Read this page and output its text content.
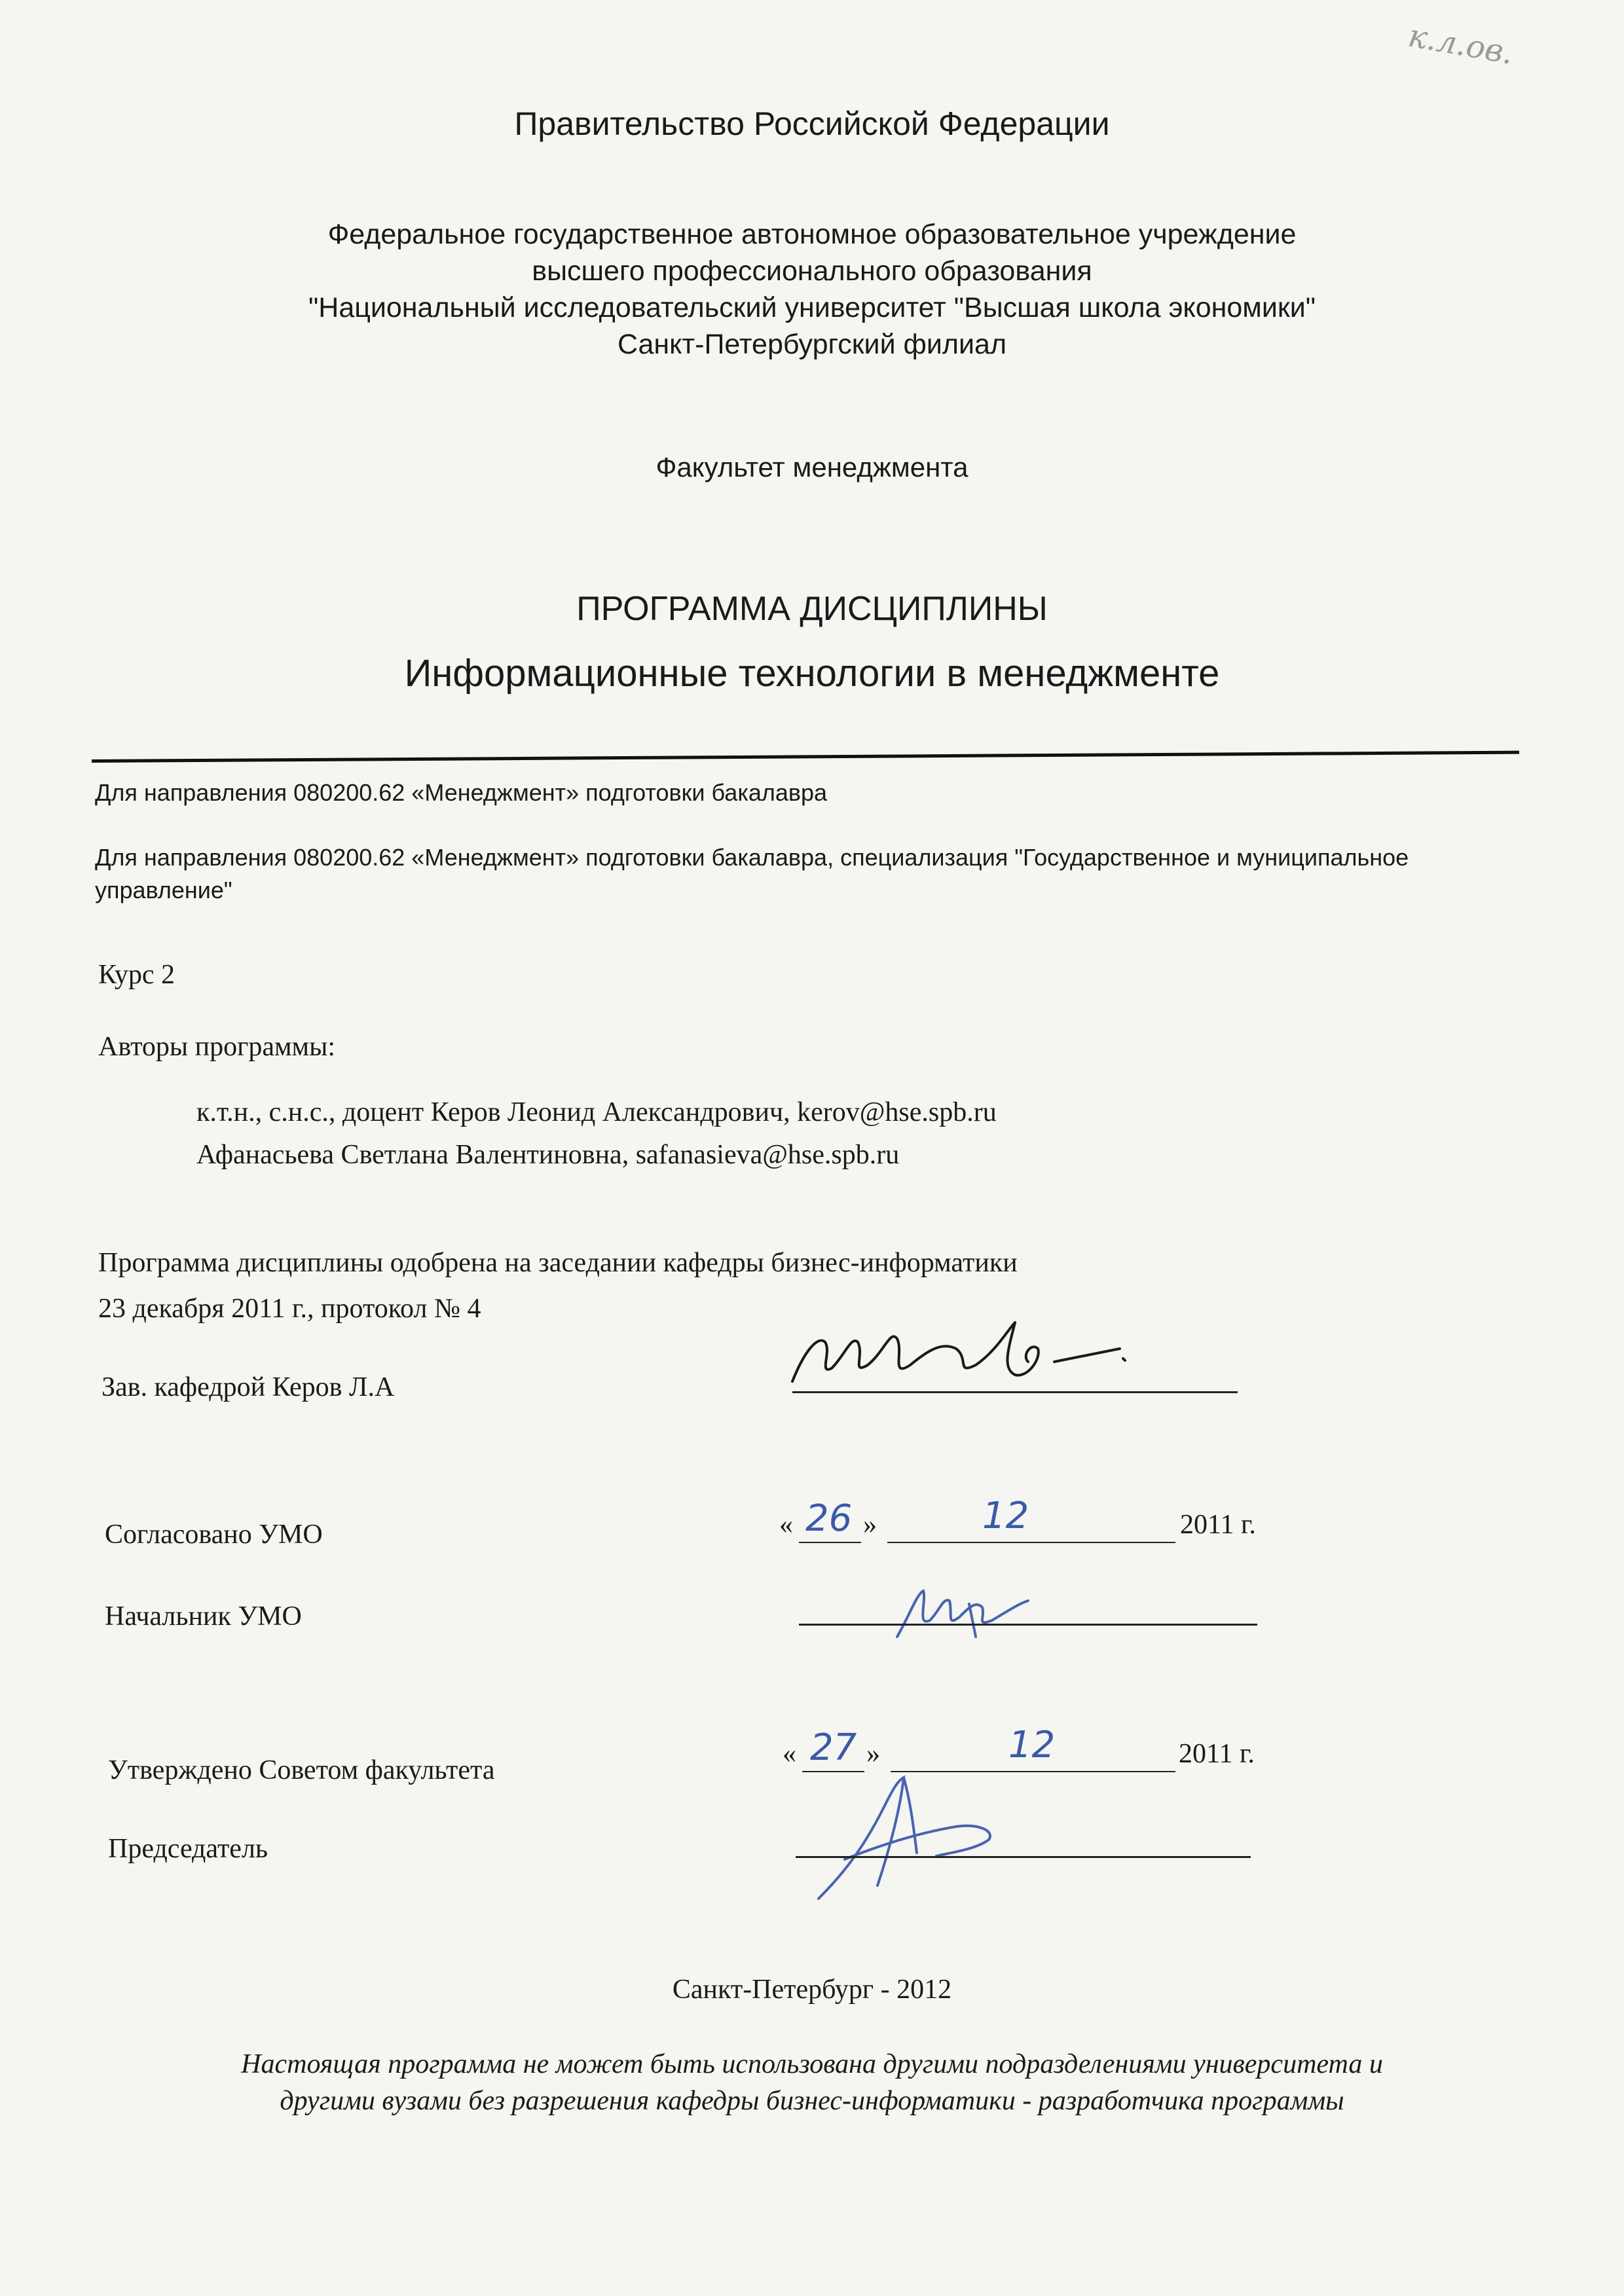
к.л.ов.
Правительство Российской Федерации
Федеральное государственное автономное образовательное учреждение
высшего профессионального образования
"Национальный исследовательский университет "Высшая школа экономики"
Санкт-Петербургский филиал
Факультет менеджмента
ПРОГРАММА ДИСЦИПЛИНЫ
Информационные технологии в менеджменте
Для направления 080200.62 «Менеджмент» подготовки бакалавра
Для направления 080200.62 «Менеджмент» подготовки бакалавра, специализация "Государственное и муниципальное управление"
Курс 2
Авторы программы:
к.т.н., с.н.с., доцент Керов Леонид Александрович, kerov@hse.spb.ru
Афанасьева Светлана Валентиновна, safanasieva@hse.spb.ru
Программа дисциплины одобрена на заседании кафедры бизнес-информатики
23 декабря 2011 г., протокол № 4
Зав. кафедрой Керов Л.А
Согласовано УМО	« 26 »	12	2011 г.
Начальник УМО
Утверждено Советом факультета
« 27 »	12	2011 г.
Председатель
Санкт-Петербург - 2012
Настоящая программа не может быть использована другими подразделениями университета и
другими вузами без разрешения кафедры бизнес-информатики - разработчика программы
